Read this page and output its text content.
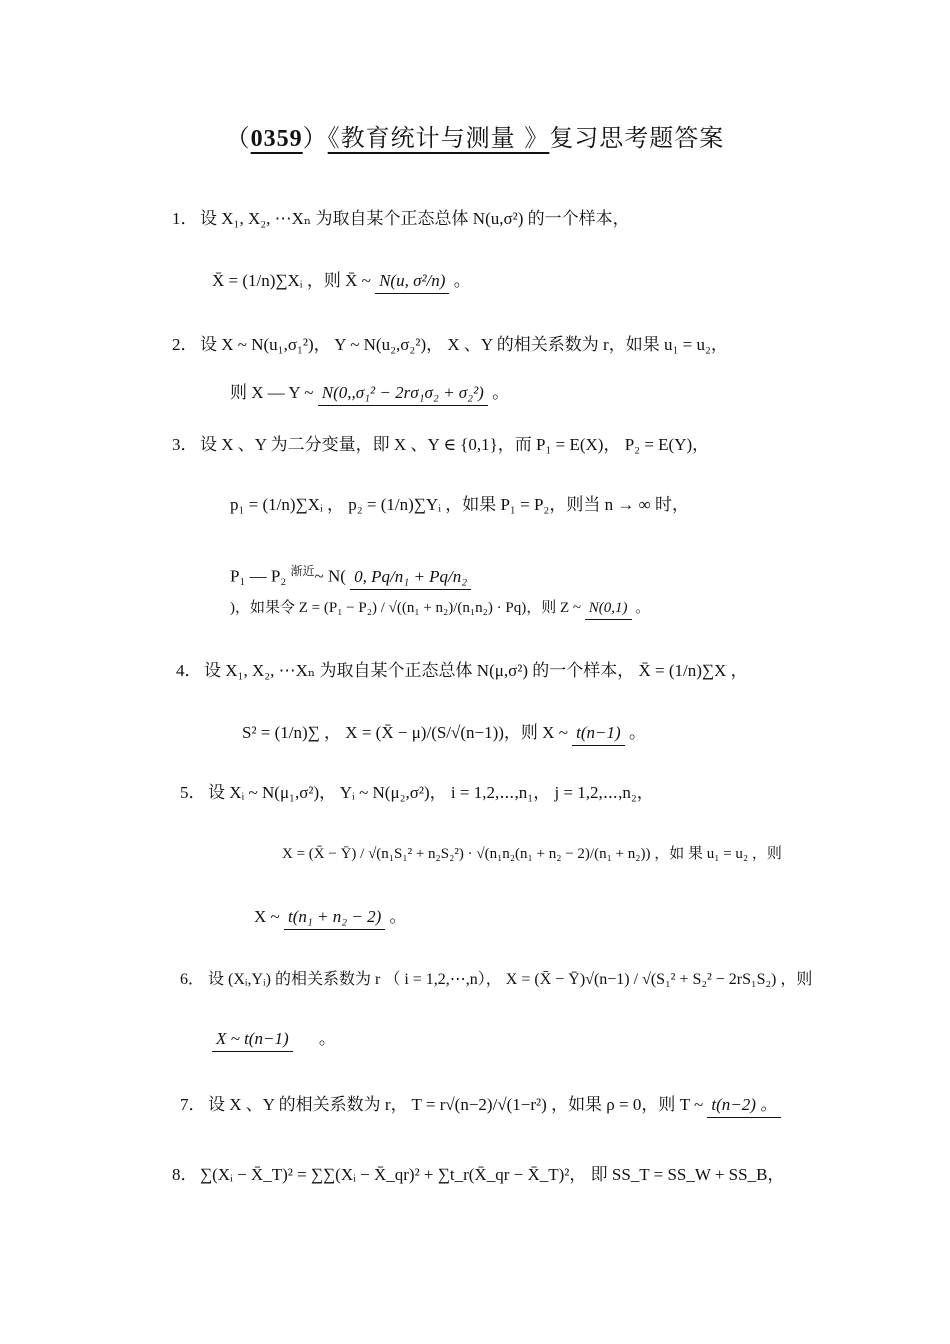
（0359）《教育统计与测量 》复习思考题答案
1． 设 X₁, X₂, ⋯Xₙ 为取自某个正态总体 N(u,σ²) 的一个样本，
X̄ = (1/n)∑Xᵢ ，则 X̄ ~ N(u, σ²/n) 。
2． 设 X ~ N(u₁,σ₁²)， Y ~ N(u₂,σ₂²)， X 、Y 的相关系数为 r，如果 u₁ = u₂，
则 X — Y ~ N(0,,σ₁² − 2rσ₁σ₂ + σ₂²) 。
3． 设 X 、Y 为二分变量，即 X 、Y ∈ {0,1}，而 P₁ = E(X)， P₂ = E(Y)，
p₁ = (1/n)∑Xᵢ ， p₂ = (1/n)∑Yᵢ ，如果 P₁ = P₂，则当 n → ∞ 时，
P₁ — P₂ $^{渐近}$~ N( 0, Pq/n₁ + Pq/n₂
)，如果令 Z = (P₁ − P₂) / √((n₁ + n₂)/(n₁n₂) · Pq)，则 Z ~ N(0,1) 。
4． 设 X₁, X₂, ⋯Xₙ 为取自某个正态总体 N(μ,σ²) 的一个样本， X̄ = (1/n)∑X ，
S² = (1/n)∑ ， X = (X̄ − μ)/(S/√(n−1))，则 X ~ t(n−1) 。
5． 设 Xᵢ ~ N(μ₁,σ²)， Yᵢ ~ N(μ₂,σ²)， i = 1,2,⋯,n₁， j = 1,2,⋯,n₂，
X = (X̄ − Ȳ) / √(n₁S₁² + n₂S₂²) · √(n₁n₂(n₁ + n₂ − 2)/(n₁ + n₂)) ，如 果 u₁ = u₂ ，则
X ~ t(n₁ + n₂ − 2) 。
6． 设 (Xᵢ,Yᵢ) 的相关系数为 r （ i = 1,2,⋯,n）， X = (X̄ − Ȳ)√(n−1) / √(S₁² + S₂² − 2rS₁S₂) ，则
X ~ t(n−1) 。
7． 设 X 、Y 的相关系数为 r， T = r√(n−2)/√(1−r²) ，如果 ρ = 0，则 T ~ t(n−2) 。
8． ∑(Xᵢ − X̄_T)² = ∑∑(Xᵢ − X̄_qr)² + ∑t_r(X̄_qr − X̄_T)²， 即 SS_T = SS_W + SS_B，
